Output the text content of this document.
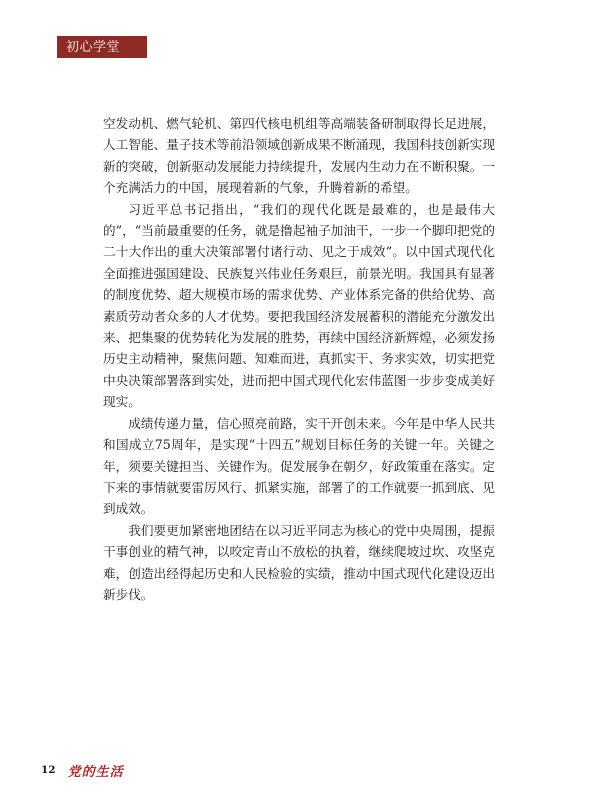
初心学堂

空发动机、燃气轮机、第四代核电机组等高端装备研制取得长足进展，人工智能、量子技术等前沿领域创新成果不断涌现，我国科技创新实现新的突破，创新驱动发展能力持续提升，发展内生动力在不断积聚。一个充满活力的中国，展现着新的气象，升腾着新的希望。

习近平总书记指出，“我们的现代化既是最难的，也是最伟大的”，“当前最重要的任务，就是撸起袖子加油干，一步一个脚印把党的二十大作出的重大决策部署付诸行动、见之于成效”。以中国式现代化全面推进强国建设、民族复兴伟业任务艰巨，前景光明。我国具有显著的制度优势、超大规模市场的需求优势、产业体系完备的供给优势、高素质劳动者众多的人才优势。要把我国经济发展蓄积的潜能充分激发出来、把集聚的优势转化为发展的胜势，再续中国经济新辉煌，必须发扬历史主动精神，聚焦问题、知难而进，真抓实干、务求实效，切实把党中央决策部署落到实处，进而把中国式现代化宏伟蓝图一步步变成美好现实。

成绩传递力量，信心照亮前路，实干开创未来。今年是中华人民共和国成立75周年，是实现“十四五”规划目标任务的关键一年。关键之年，须要关键担当、关键作为。促发展争在朝夕，好政策重在落实。定下来的事情就要雷厉风行、抓紧实施，部署了的工作就要一抓到底、见到成效。

我们要更加紧密地团结在以习近平同志为核心的党中央周围，提振干事创业的精气神，以咬定青山不放松的执着，继续爬坡过坎、攻坚克难，创造出经得起历史和人民检验的实绩，推动中国式现代化建设迈出新步伐。

12 党的生活
